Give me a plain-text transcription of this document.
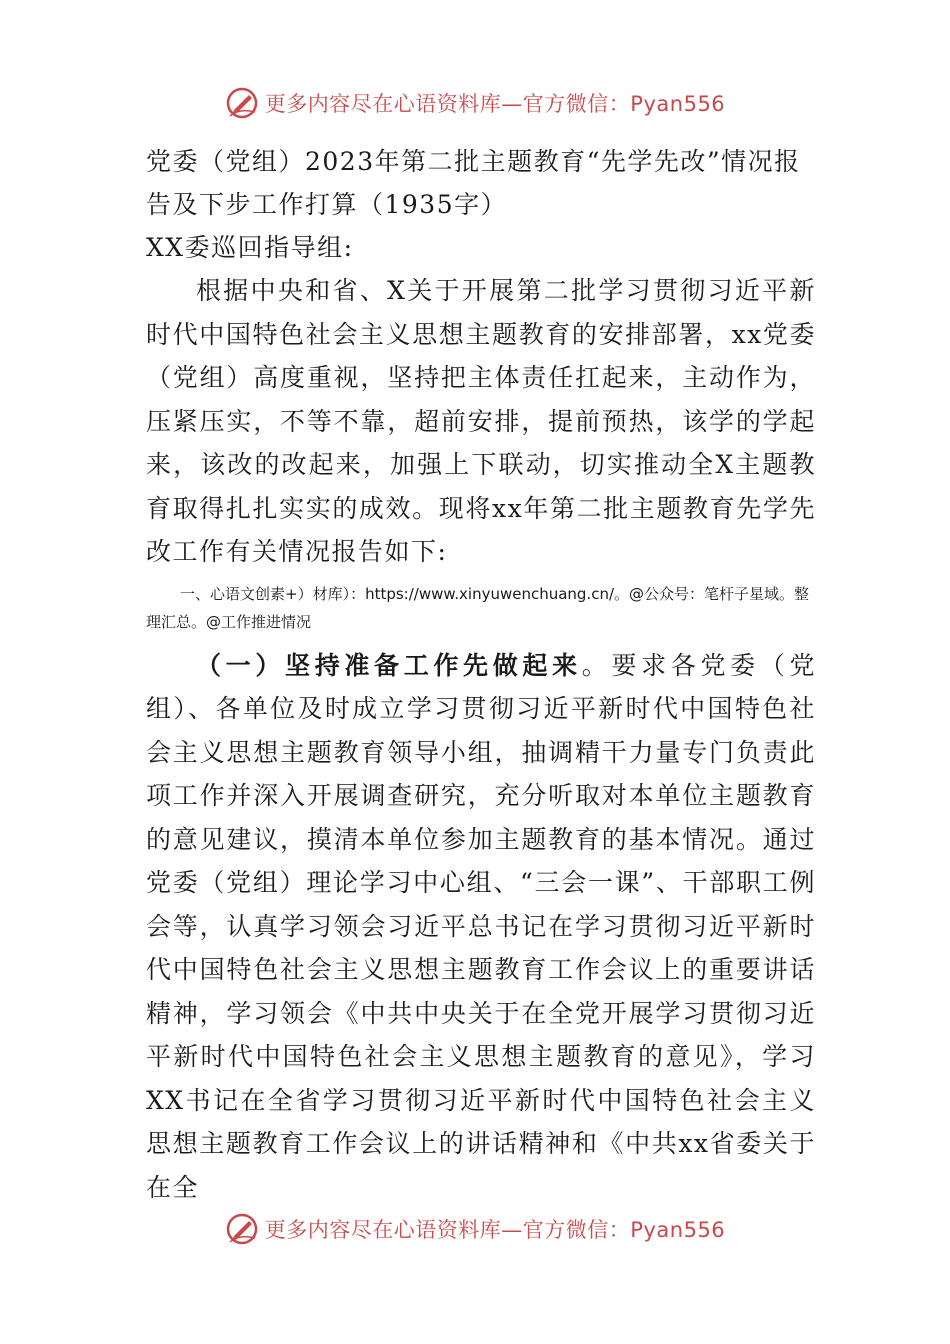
更多内容尽在心语资料库—官方微信：Pyan556

党委（党组）2023年第二批主题教育“先学先改”情况报告及下步工作打算（1935字）

XX委巡回指导组:

根据中央和省、X关于开展第二批学习贯彻习近平新时代中国特色社会主义思想主题教育的安排部署，xx党委（党组）高度重视，坚持把主体责任扛起来，主动作为，压紧压实，不等不靠，超前安排，提前预热，该学的学起来，该改的改起来，加强上下联动，切实推动全X主题教育取得扎扎实实的成效。现将xx年第二批主题教育先学先改工作有关情况报告如下:

一、心语文创素+）材库）：https://www.xinyuwenchuang.cn/。@公众号：笔杆子星域。整理汇总。@工作推进情况

（一）坚持准备工作先做起来。要求各党委（党组）、各单位及时成立学习贯彻习近平新时代中国特色社会主义思想主题教育领导小组，抽调精干力量专门负责此项工作并深入开展调查研究，充分听取对本单位主题教育的意见建议，摸清本单位参加主题教育的基本情况。通过党委（党组）理论学习中心组、“三会一课”、干部职工例会等，认真学习领会习近平总书记在学习贯彻习近平新时代中国特色社会主义思想主题教育工作会议上的重要讲话精神，学习领会《中共中央关于在全党开展学习贯彻习近平新时代中国特色社会主义思想主题教育的意见》，学习XX书记在全省学习贯彻习近平新时代中国特色社会主义思想主题教育工作会议上的讲话精神和《中共xx省委关于在全

更多内容尽在心语资料库—官方微信：Pyan556
